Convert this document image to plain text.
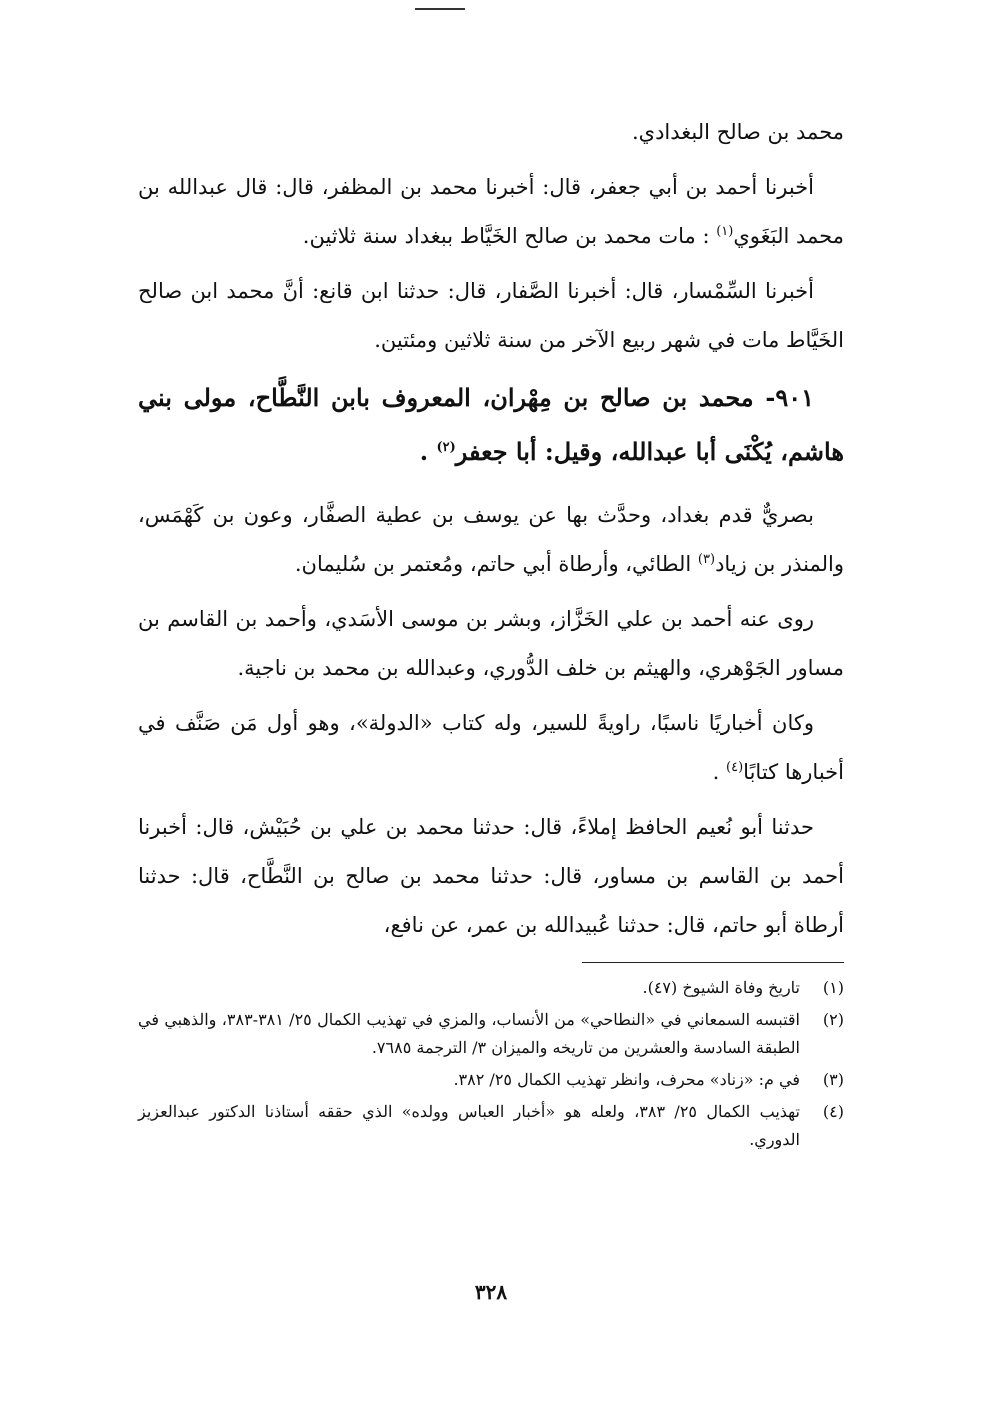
محمد بن صالح البغدادي.

أخبرنا أحمد بن أبي جعفر، قال: أخبرنا محمد بن المظفر، قال: قال عبدالله بن محمد البَغَوي$^{(١)}$ : مات محمد بن صالح الخَيَّاط ببغداد سنة ثلاثين.

أخبرنا السِّمْسار، قال: أخبرنا الصَّفار، قال: حدثنا ابن قانع: أنَّ محمد ابن صالح الخَيَّاط مات في شهر ربيع الآخر من سنة ثلاثين ومئتين.

٩٠١- محمد بن صالح بن مِهْران، المعروف بابن النَّطَّاح، مولى بني هاشم، يُكْنَى أبا عبدالله، وقيل: أبا جعفر$^{(٢)}$ .

بصريٌّ قدم بغداد، وحدَّث بها عن يوسف بن عطية الصفَّار، وعون بن كَهْمَس، والمنذر بن زياد$^{(٣)}$ الطائي، وأرطاة أبي حاتم، ومُعتمر بن سُليمان.

روى عنه أحمد بن علي الخَزَّاز، وبشر بن موسى الأسَدي، وأحمد بن القاسم بن مساور الجَوْهري، والهيثم بن خلف الدُّوري، وعبدالله بن محمد بن ناجية.

وكان أخباريًا ناسبًا، راويةً للسير، وله كتاب «الدولة»، وهو أول مَن صَنَّف في أخبارها كتابًا$^{(٤)}$ .

حدثنا أبو نُعيم الحافظ إملاءً، قال: حدثنا محمد بن علي بن حُبَيْش، قال: أخبرنا أحمد بن القاسم بن مساور، قال: حدثنا محمد بن صالح بن النَّطَّاح، قال: حدثنا أرطاة أبو حاتم، قال: حدثنا عُبيدالله بن عمر، عن نافع،

(١)
تاريخ وفاة الشيوخ (٤٧).
(٢)
اقتبسه السمعاني في «النطاحي» من الأنساب، والمزي في تهذيب الكمال ٢٥/ ٣٨١-٣٨٣، والذهبي في الطبقة السادسة والعشرين من تاريخه والميزان ٣/ الترجمة ٧٦٨٥.
(٣)
في م: «زناد» محرف، وانظر تهذيب الكمال ٢٥/ ٣٨٢.
(٤)
تهذيب الكمال ٢٥/ ٣٨٣، ولعله هو «أخبار العباس وولده» الذي حققه أستاذنا الدكتور عبدالعزيز الدوري.
٣٢٨
